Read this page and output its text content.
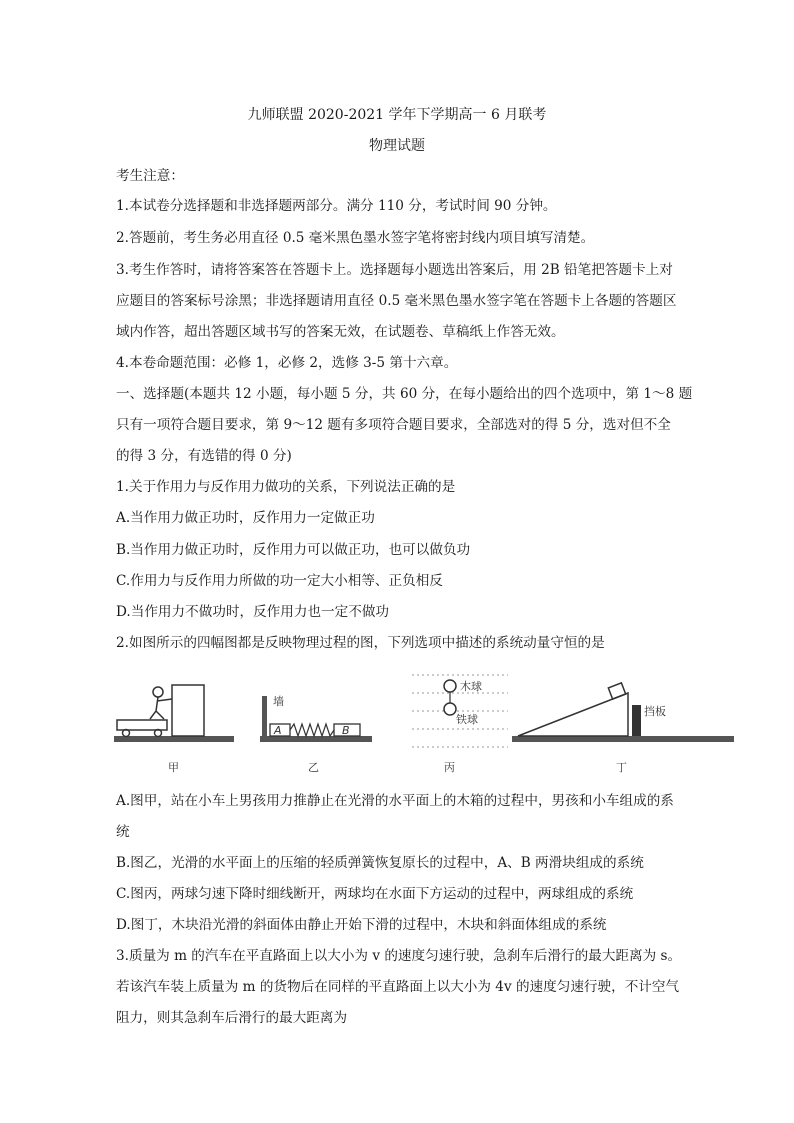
九师联盟 2020-2021 学年下学期高一 6 月联考
物理试题
考生注意：
1.本试卷分选择题和非选择题两部分。满分 110 分，考试时间 90 分钟。
2.答题前，考生务必用直径 0.5 毫米黑色墨水签字笔将密封线内项目填写清楚。
3.考生作答时，请将答案答在答题卡上。选择题每小题选出答案后，用 2B 铅笔把答题卡上对
应题目的答案标号涂黑；非选择题请用直径 0.5 毫米黑色墨水签字笔在答题卡上各题的答题区
域内作答，超出答题区域书写的答案无效，在试题卷、草稿纸上作答无效。
4.本卷命题范围：必修 1，必修 2，选修 3-5 第十六章。
一、选择题(本题共 12 小题，每小题 5 分，共 60 分，在每小题给出的四个选项中，第 1～8 题
只有一项符合题目要求，第 9～12 题有多项符合题目要求，全部选对的得 5 分，选对但不全
的得 3 分，有选错的得 0 分)
1.关于作用力与反作用力做功的关系，下列说法正确的是
A.当作用力做正功时，反作用力一定做正功
B.当作用力做正功时，反作用力可以做正功，也可以做负功
C.作用力与反作用力所做的功一定大小相等、正负相反
D.当作用力不做功时，反作用力也一定不做功
2.如图所示的四幅图都是反映物理过程的图，下列选项中描述的系统动量守恒的是
甲
墙
A	B
乙
木球
铁球
丙
挡板
丁
A.图甲，站在小车上男孩用力推静止在光滑的水平面上的木箱的过程中，男孩和小车组成的系
统
B.图乙，光滑的水平面上的压缩的轻质弹簧恢复原长的过程中，A、B 两滑块组成的系统
C.图丙，两球匀速下降时细线断开，两球均在水面下方运动的过程中，两球组成的系统
D.图丁，木块沿光滑的斜面体由静止开始下滑的过程中，木块和斜面体组成的系统
3.质量为 m 的汽车在平直路面上以大小为 v 的速度匀速行驶，急刹车后滑行的最大距离为 s。
若该汽车装上质量为 m 的货物后在同样的平直路面上以大小为 4v 的速度匀速行驶，不计空气
阻力，则其急刹车后滑行的最大距离为
